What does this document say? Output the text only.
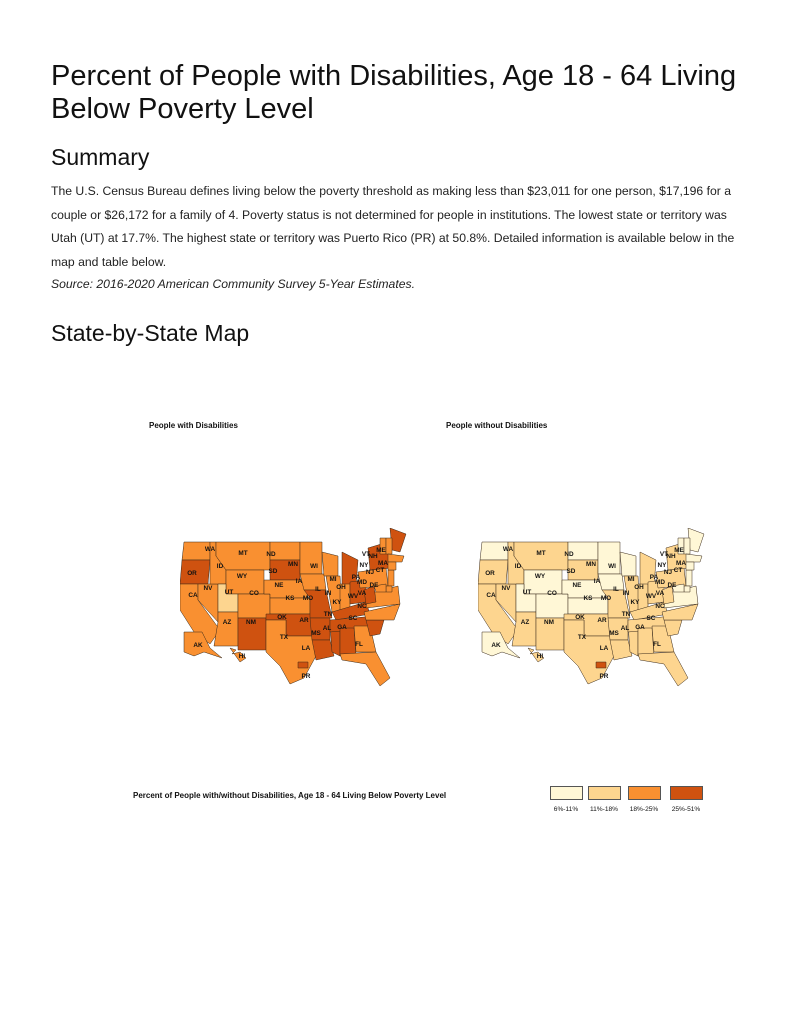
Percent of People with Disabilities, Age 18 - 64 Living Below Poverty Level
Summary

The U.S. Census Bureau defines living below the poverty threshold as making less than $23,011 for one person, $17,196 for a couple or $26,172 for a family of 4. Poverty status is not determined for people in institutions. The lowest state or territory was Utah (UT) at 17.7%. The highest state or territory was Puerto Rico (PR) at 50.8%. Detailed information is available below in the map and table below.

Source: 2016-2020 American Community Survey 5-Year Estimates.

State-by-State Map
People with Disabilities	People without Disabilities
WA
OR
CA
NV
ID
MT
WY
UT
AZ
CO
NM
ND
SD
NE
KS
OK
TX
MN
IA
MO
AR
LA
WI
IL
MS
MI
IN
OH
KY
TN
AL GA
FL
SC
NC
VA
WV
PA
NY
ME
VT
NH
MA
NJ
DE
MD
CT
AK
HI
PR
WA
OR
CA
NV
ID
MT
WY
UT
AZ
CO
NM
ND
SD
NE
KS
OK
TX
MN
IA
MO
AR
LA
WI
IL
MS
MI
IN
OH
KY
TN
AL GA
FL
SC
NC
VA
WV
PA
NY
ME
VT
NH
MA
NJ
DE
MD
CT
AK
HI
PR
Percent of People with/without Disabilities, Age 18 - 64 Living Below Poverty Level
6%-11%	11%-18%	18%-25%	25%-51%
